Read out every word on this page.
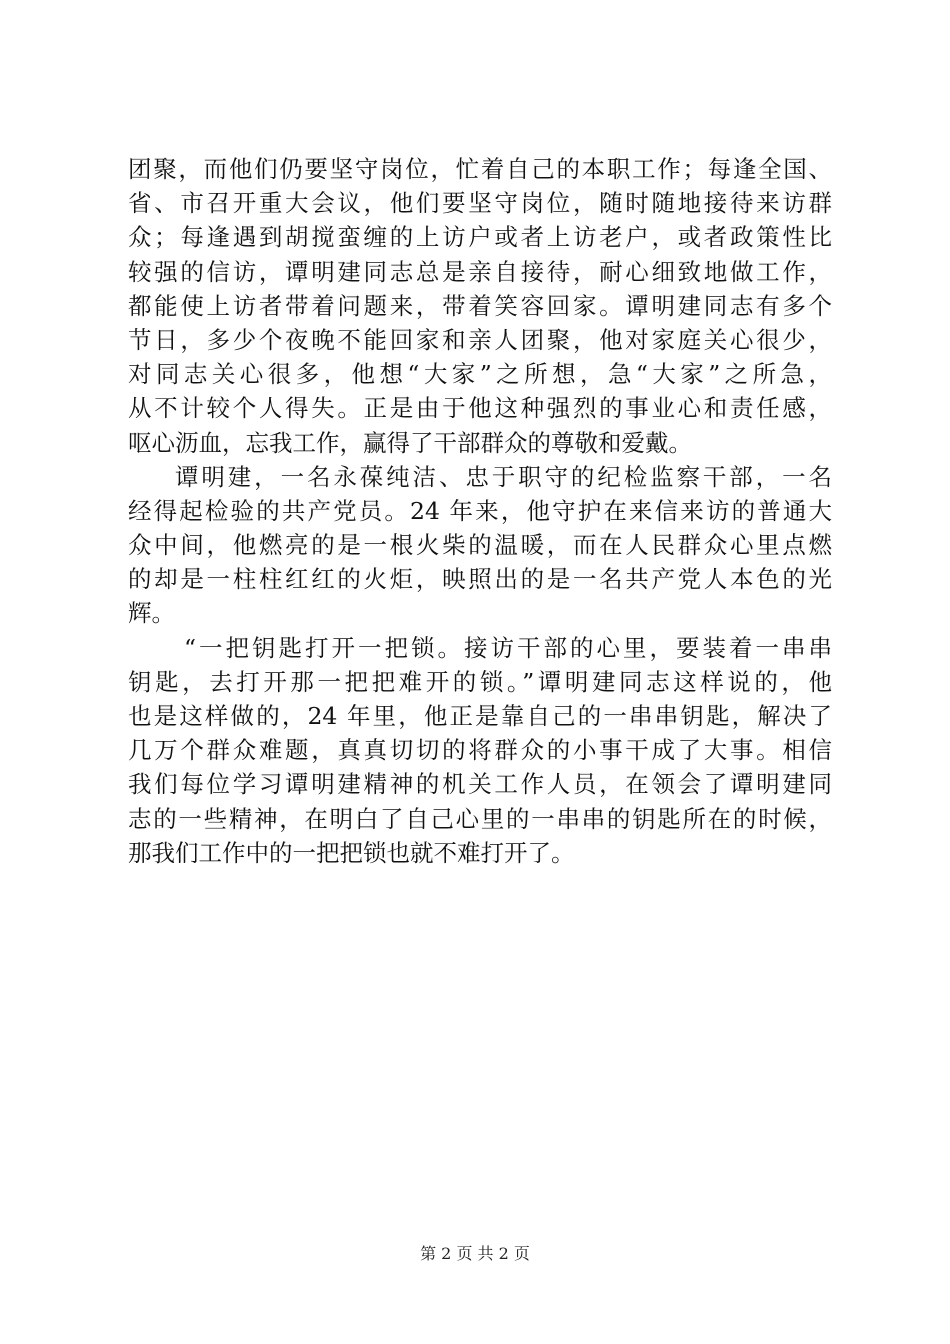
团聚，而他们仍要坚守岗位，忙着自己的本职工作；每逢全国、
省、市召开重大会议，他们要坚守岗位，随时随地接待来访群
众；每逢遇到胡搅蛮缠的上访户或者上访老户，或者政策性比
较强的信访，谭明建同志总是亲自接待，耐心细致地做工作，
都能使上访者带着问题来，带着笑容回家。谭明建同志有多个
节日，多少个夜晚不能回家和亲人团聚，他对家庭关心很少，
对同志关心很多，他想“大家”之所想，急“大家”之所急，
从不计较个人得失。正是由于他这种强烈的事业心和责任感，
呕心沥血，忘我工作，赢得了干部群众的尊敬和爱戴。
谭明建，一名永葆纯洁、忠于职守的纪检监察干部，一名
经得起检验的共产党员。24 年来，他守护在来信来访的普通大
众中间，他燃亮的是一根火柴的温暖，而在人民群众心里点燃
的却是一柱柱红红的火炬，映照出的是一名共产党人本色的光
辉。
“一把钥匙打开一把锁。接访干部的心里，要装着一串串
钥匙，去打开那一把把难开的锁。”谭明建同志这样说的，他
也是这样做的，24 年里，他正是靠自己的一串串钥匙，解决了
几万个群众难题，真真切切的将群众的小事干成了大事。相信
我们每位学习谭明建精神的机关工作人员，在领会了谭明建同
志的一些精神，在明白了自己心里的一串串的钥匙所在的时候，
那我们工作中的一把把锁也就不难打开了。
第 2 页 共 2 页
